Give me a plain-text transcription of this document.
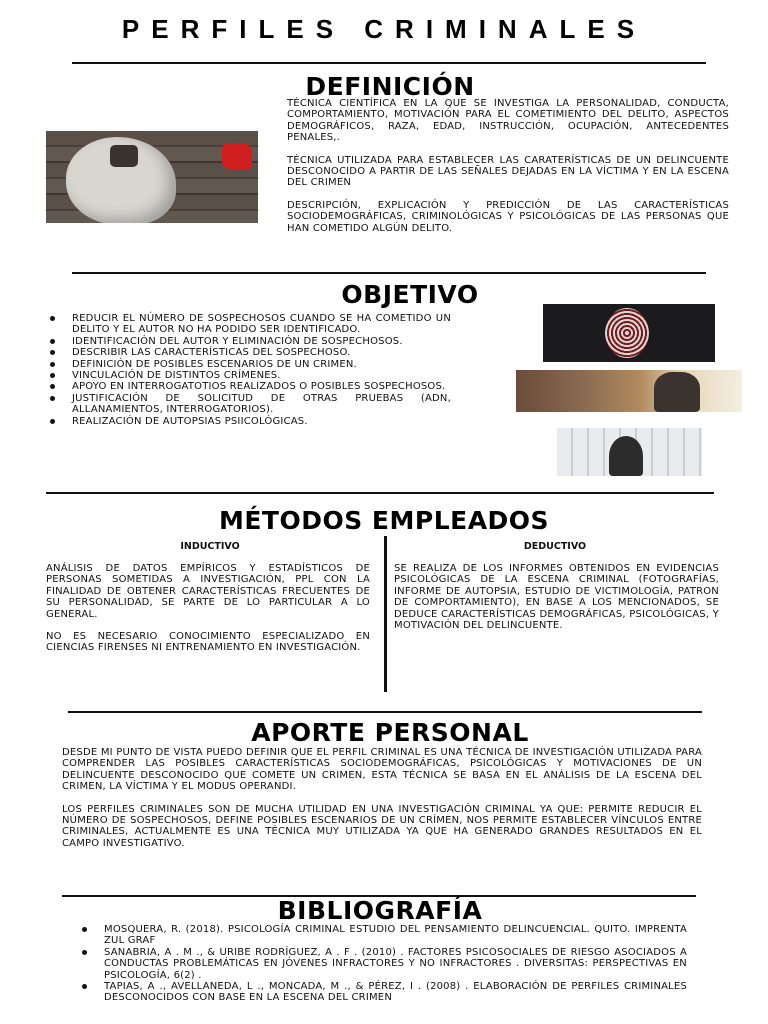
PERFILES CRIMINALES
DEFINICIÓN

TÉCNICA CIENTÍFICA EN LA QUE SE INVESTIGA LA PERSONALIDAD, CONDUCTA, COMPORTAMIENTO, MOTIVACIÓN PARA EL COMETIMIENTO DEL DELITO, ASPECTOS DEMOGRÁFICOS, RAZA, EDAD, INSTRUCCIÓN, OCUPACIÓN, ANTECEDENTES PENALES,.

TÉCNICA UTILIZADA PARA ESTABLECER LAS CARATERÍSTICAS DE UN DELINCUENTE DESCONOCIDO A PARTIR DE LAS SEÑALES DEJADAS EN LA VÍCTIMA Y EN LA ESCENA DEL CRIMEN

DESCRIPCIÓN, EXPLICACIÓN Y PREDICCIÓN DE LAS CARACTERÍSTICAS SOCIODEMOGRÁFICAS, CRIMINOLÓGICAS Y PSICOLÓGICAS DE LAS PERSONAS QUE HAN COMETIDO ALGÚN DELITO.

OBJETIVO
REDUCIR EL NÚMERO DE SOSPECHOSOS CUANDO SE HA COMETIDO UN DELITO Y EL AUTOR NO HA PODIDO SER IDENTIFICADO.
IDENTIFICACIÓN DEL AUTOR Y ELIMINACIÓN DE SOSPECHOSOS.
DESCRIBIR LAS CARACTERÍSTICAS DEL SOSPECHOSO.
DEFINICIÓN DE POSIBLES ESCENARIOS DE UN CRIMEN.
VINCULACIÓN DE DISTINTOS CRÍMENES.
APOYO EN INTERROGATOTIOS REALIZADOS O POSIBLES SOSPECHOSOS.
JUSTIFICACIÓN DE SOLICITUD DE OTRAS PRUEBAS (ADN, ALLANAMIENTOS, INTERROGATORIOS).
REALIZACIÓN DE AUTOPSIAS PSIICOLÓGICAS.
MÉTODOS EMPLEADOS
INDUCTIVO	DEDUCTIVO

ANÁLISIS DE DATOS EMPÍRICOS Y ESTADÍSTICOS DE PERSONAS SOMETIDAS A INVESTIGACIÓN, PPL CON LA FINALIDAD DE OBTENER CARACTERÍSTICAS FRECUENTES DE SU PERSONALIDAD, SE PARTE DE LO PARTICULAR A LO GENERAL.

NO ES NECESARIO CONOCIMIENTO ESPECIALIZADO EN CIENCIAS FIRENSES NI ENTRENAMIENTO EN INVESTIGACIÓN.

SE REALIZA DE LOS INFORMES OBTENIDOS EN EVIDENCIAS PSICOLÓGICAS DE LA ESCENA CRIMINAL (FOTOGRAFÍAS, INFORME DE AUTOPSIA, ESTUDIO DE VICTIMOLOGÍA, PATRON DE COMPORTAMIENTO), EN BASE A LOS MENCIONADOS, SE DEDUCE CARACTERÍSTICAS DEMOGRÁFICAS, PSICOLÓGICAS, Y MOTIVACIÓN DEL DELINCUENTE.

APORTE PERSONAL

DESDE MI PUNTO DE VISTA PUEDO DEFINIR QUE EL PERFIL CRIMINAL ES UNA TÉCNICA DE INVESTIGACIÓN UTILIZADA PARA COMPRENDER LAS POSIBLES CARACTERÍSTICAS SOCIODEMOGRÁFICAS, PSICOLÓGICAS Y MOTIVACIONES DE UN DELINCUENTE DESCONOCIDO QUE COMETE UN CRIMEN, ESTA TÉCNICA SE BASA EN EL ANÁLISIS DE LA ESCENA DEL CRIMEN, LA VÍCTIMA Y EL MODUS OPERANDI.

LOS PERFILES CRIMINALES SON DE MUCHA UTILIDAD EN UNA INVESTIGACIÓN CRIMINAL YA QUE: PERMITE REDUCIR EL NÚMERO DE SOSPECHOSOS, DEFINE POSIBLES ESCENARIOS DE UN CRÍMEN, NOS PERMITE ESTABLECER VÍNCULOS ENTRE CRIMINALES, ACTUALMENTE ES UNA TÉCNICA MUY UTILIZADA YA QUE HA GENERADO GRANDES RESULTADOS EN EL CAMPO INVESTIGATIVO.

BIBLIOGRAFÍA
MOSQUERA, R. (2018). PSICOLOGÍA CRIMINAL ESTUDIO DEL PENSAMIENTO DELINCUENCIAL. QUITO. IMPRENTA ZUL GRAF
SANABRIA, A . M ., & URIBE RODRÍGUEZ, A . F . (2010) . FACTORES PSICOSOCIALES DE RIESGO ASOCIADOS A CONDUCTAS PROBLEMÁTICAS EN JÓVENES INFRACTORES Y NO INFRACTORES . DIVERSITAS: PERSPECTIVAS EN PSICOLOGÍA, 6(2) .
TAPIAS, A ., AVELLANEDA, L ., MONCADA, M ., & PÉREZ, I . (2008) . ELABORACIÓN DE PERFILES CRIMINALES DESCONOCIDOS CON BASE EN LA ESCENA DEL CRIMEN
